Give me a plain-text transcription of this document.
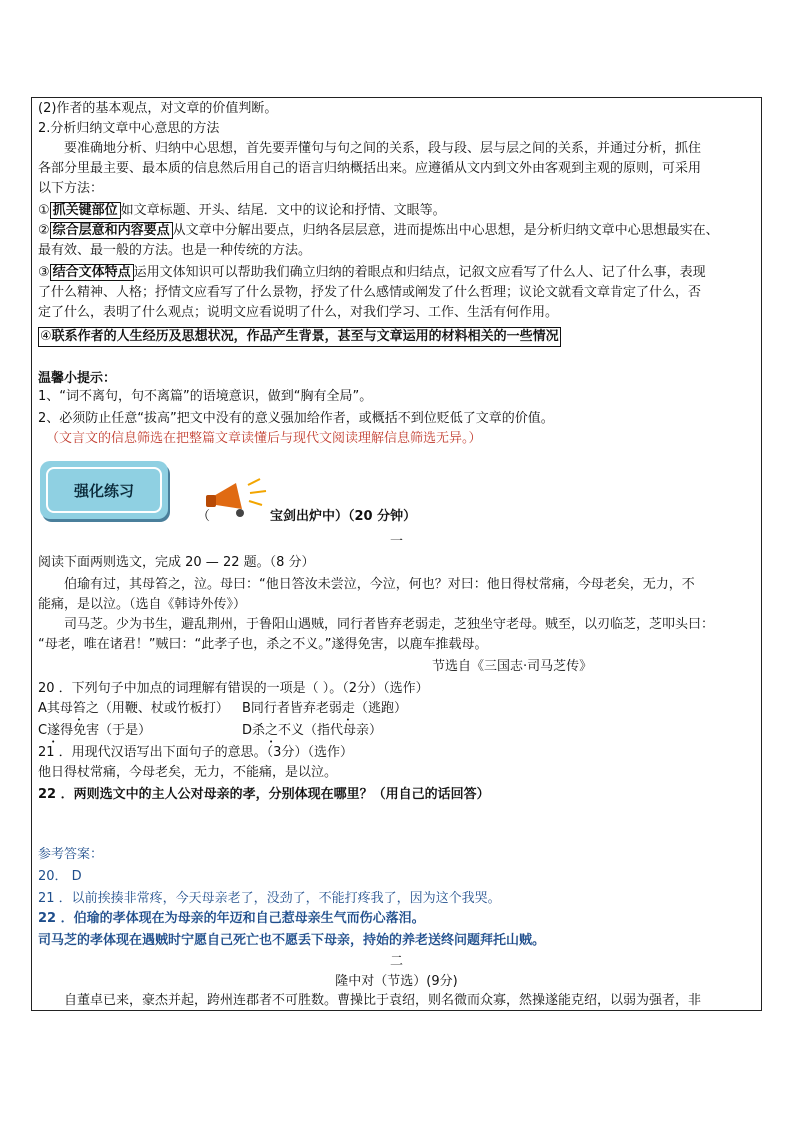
(2)作者的基本观点，对文章的价值判断。
2.分析归纳文章中心意思的方法
要准确地分析、归纳中心思想，首先要弄懂句与句之间的关系，段与段、层与层之间的关系，并通过分析，抓住
各部分里最主要、最本质的信息然后用自己的语言归纳概括出来。应遵循从文内到文外由客观到主观的原则，可采用
以下方法：
① 抓关键部位 如文章标题、开头、结尾．文中的议论和抒情、文眼等。
② 综合层意和内容要点 从文章中分解出要点，归纳各层层意，进而提炼出中心思想，是分析归纳文章中心思想最实在、
最有效、最一般的方法。也是一种传统的方法。
③ 结合文体特点 运用文体知识可以帮助我们确立归纳的着眼点和归结点，记叙文应看写了什么人、记了什么事，表现
了什么精神、人格；抒情文应看写了什么景物，抒发了什么感情或阐发了什么哲理；议论文就看文章肯定了什么，否
定了什么，表明了什么观点；说明文应看说明了什么，对我们学习、工作、生活有何作用。
④联系作者的人生经历及思想状况，作品产生背景，甚至与文章运用的材料相关的一些情况
温馨小提示：
1、“词不离句，句不离篇”的语境意识，做到“胸有全局”。
2、必须防止任意“拔高”把文中没有的意义强加给作者，或概括不到位贬低了文章的价值。
（文言文的信息筛选在把整篇文章读懂后与现代文阅读理解信息筛选无异。）
强化练习
（	宝剑出炉中）（20 分钟）
一
阅读下面两则选文，完成 20 — 22 题。（8 分）
伯瑜有过，其母笞之，泣。母曰：“他日答汝未尝泣，今泣，何也？对曰：他日得杖常痛，今母老矣，无力，不
能痛，是以泣。（选自《韩诗外传》）
司马芝。少为书生，避乱荆州，于鲁阳山遇贼，同行者皆弃老弱走，芝独坐守老母。贼至，以刃临芝，芝叩头曰：
“母老，唯在诸君！”贼曰：“此孝子也，杀之不义。”遂得免害，以鹿车推载母。
节选自《三国志·司马芝传》
20 ．下列句子中加点的词理解有错误的一项是（ ）。（2分）（选作）
A其母笞之（用鞭、杖或竹板打） B同行者皆弃老弱走（逃跑）
C遂得免害（于是）	D杀之不义（指代母亲）
21 ．用现代汉语写出下面句子的意思。（3分）（选作）
他日得杖常痛，今母老矣，无力，不能痛，是以泣。
22 ．两则选文中的主人公对母亲的孝，分别体现在哪里？（用自己的话回答）
参考答案：
20． D
21 ．以前挨揍非常疼，今天母亲老了，没劲了，不能打疼我了，因为这个我哭。
22 ．伯瑜的孝体现在为母亲的年迈和自己惹母亲生气而伤心落泪。
司马芝的孝体现在遇贼时宁愿自己死亡也不愿丢下母亲，持始的养老送终问题拜托山贼。
二
隆中对（节选）(9分)
自董卓已来，豪杰并起，跨州连郡者不可胜数。曹操比于袁绍，则名微而众寡，然操遂能克绍，以弱为强者，非
